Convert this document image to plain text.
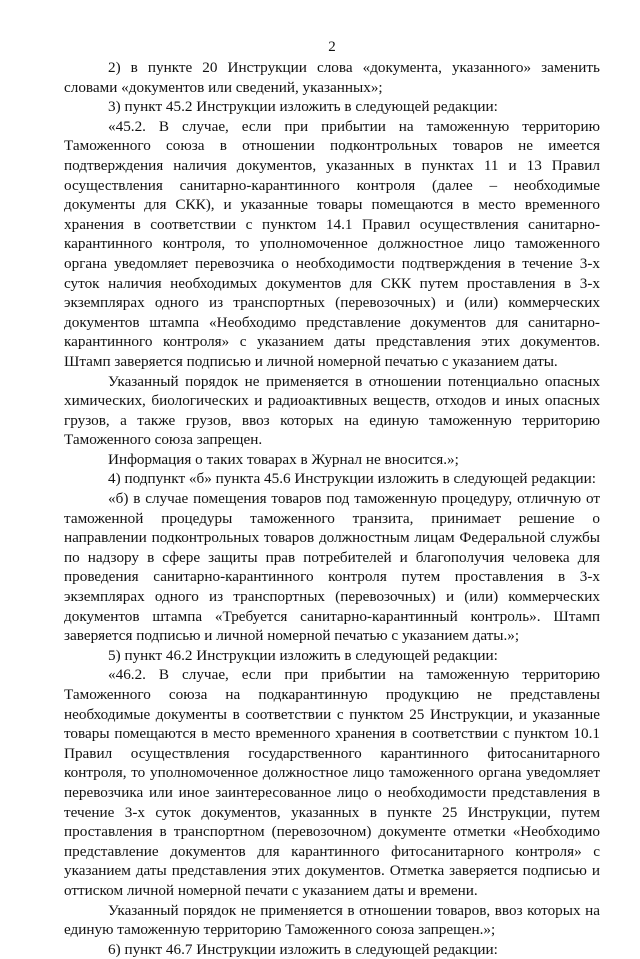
2

2) в пункте 20 Инструкции слова «документа, указанного» заменить словами «документов или сведений, указанных»;

3) пункт 45.2 Инструкции изложить в следующей редакции:

«45.2. В случае, если при прибытии на таможенную территорию Таможенного союза в отношении подконтрольных товаров не имеется подтверждения наличия документов, указанных в пунктах 11 и 13 Правил осуществления санитарно-карантинного контроля (далее – необходимые документы для СКК), и указанные товары помещаются в место временного хранения в соответствии с пунктом 14.1 Правил осуществления санитарно-карантинного контроля, то уполномоченное должностное лицо таможенного органа уведомляет перевозчика о необходимости подтверждения в течение 3-х суток наличия необходимых документов для СКК путем проставления в 3-х экземплярах одного из транспортных (перевозочных) и (или) коммерческих документов штампа «Необходимо представление документов для санитарно-карантинного контроля» с указанием даты представления этих документов. Штамп заверяется подписью и личной номерной печатью с указанием даты.

Указанный порядок не применяется в отношении потенциально опасных химических, биологических и радиоактивных веществ, отходов и иных опасных грузов, а также грузов, ввоз которых на единую таможенную территорию Таможенного союза запрещен.

Информация о таких товарах в Журнал не вносится.»;

4) подпункт «б» пункта 45.6 Инструкции изложить в следующей редакции:

«б) в случае помещения товаров под таможенную процедуру, отличную от таможенной процедуры таможенного транзита, принимает решение о направлении подконтрольных товаров должностным лицам Федеральной службы по надзору в сфере защиты прав потребителей и благополучия человека для проведения санитарно-карантинного контроля путем проставления в 3-х экземплярах одного из транспортных (перевозочных) и (или) коммерческих документов штампа «Требуется санитарно-карантинный контроль». Штамп заверяется подписью и личной номерной печатью с указанием даты.»;

5) пункт 46.2 Инструкции изложить в следующей редакции:

«46.2. В случае, если при прибытии на таможенную территорию Таможенного союза на подкарантинную продукцию не представлены необходимые документы в соответствии с пунктом 25 Инструкции, и указанные товары помещаются в место временного хранения в соответствии с пунктом 10.1 Правил осуществления государственного карантинного фитосанитарного контроля, то уполномоченное должностное лицо таможенного органа уведомляет перевозчика или иное заинтересованное лицо о необходимости представления в течение 3-х суток документов, указанных в пункте 25 Инструкции, путем проставления в транспортном (перевозочном) документе отметки «Необходимо представление документов для карантинного фитосанитарного контроля» с указанием даты представления этих документов. Отметка заверяется подписью и оттиском личной номерной печати с указанием даты и времени.

Указанный порядок не применяется в отношении товаров, ввоз которых на единую таможенную территорию Таможенного союза запрещен.»;

6) пункт 46.7 Инструкции изложить в следующей редакции:
